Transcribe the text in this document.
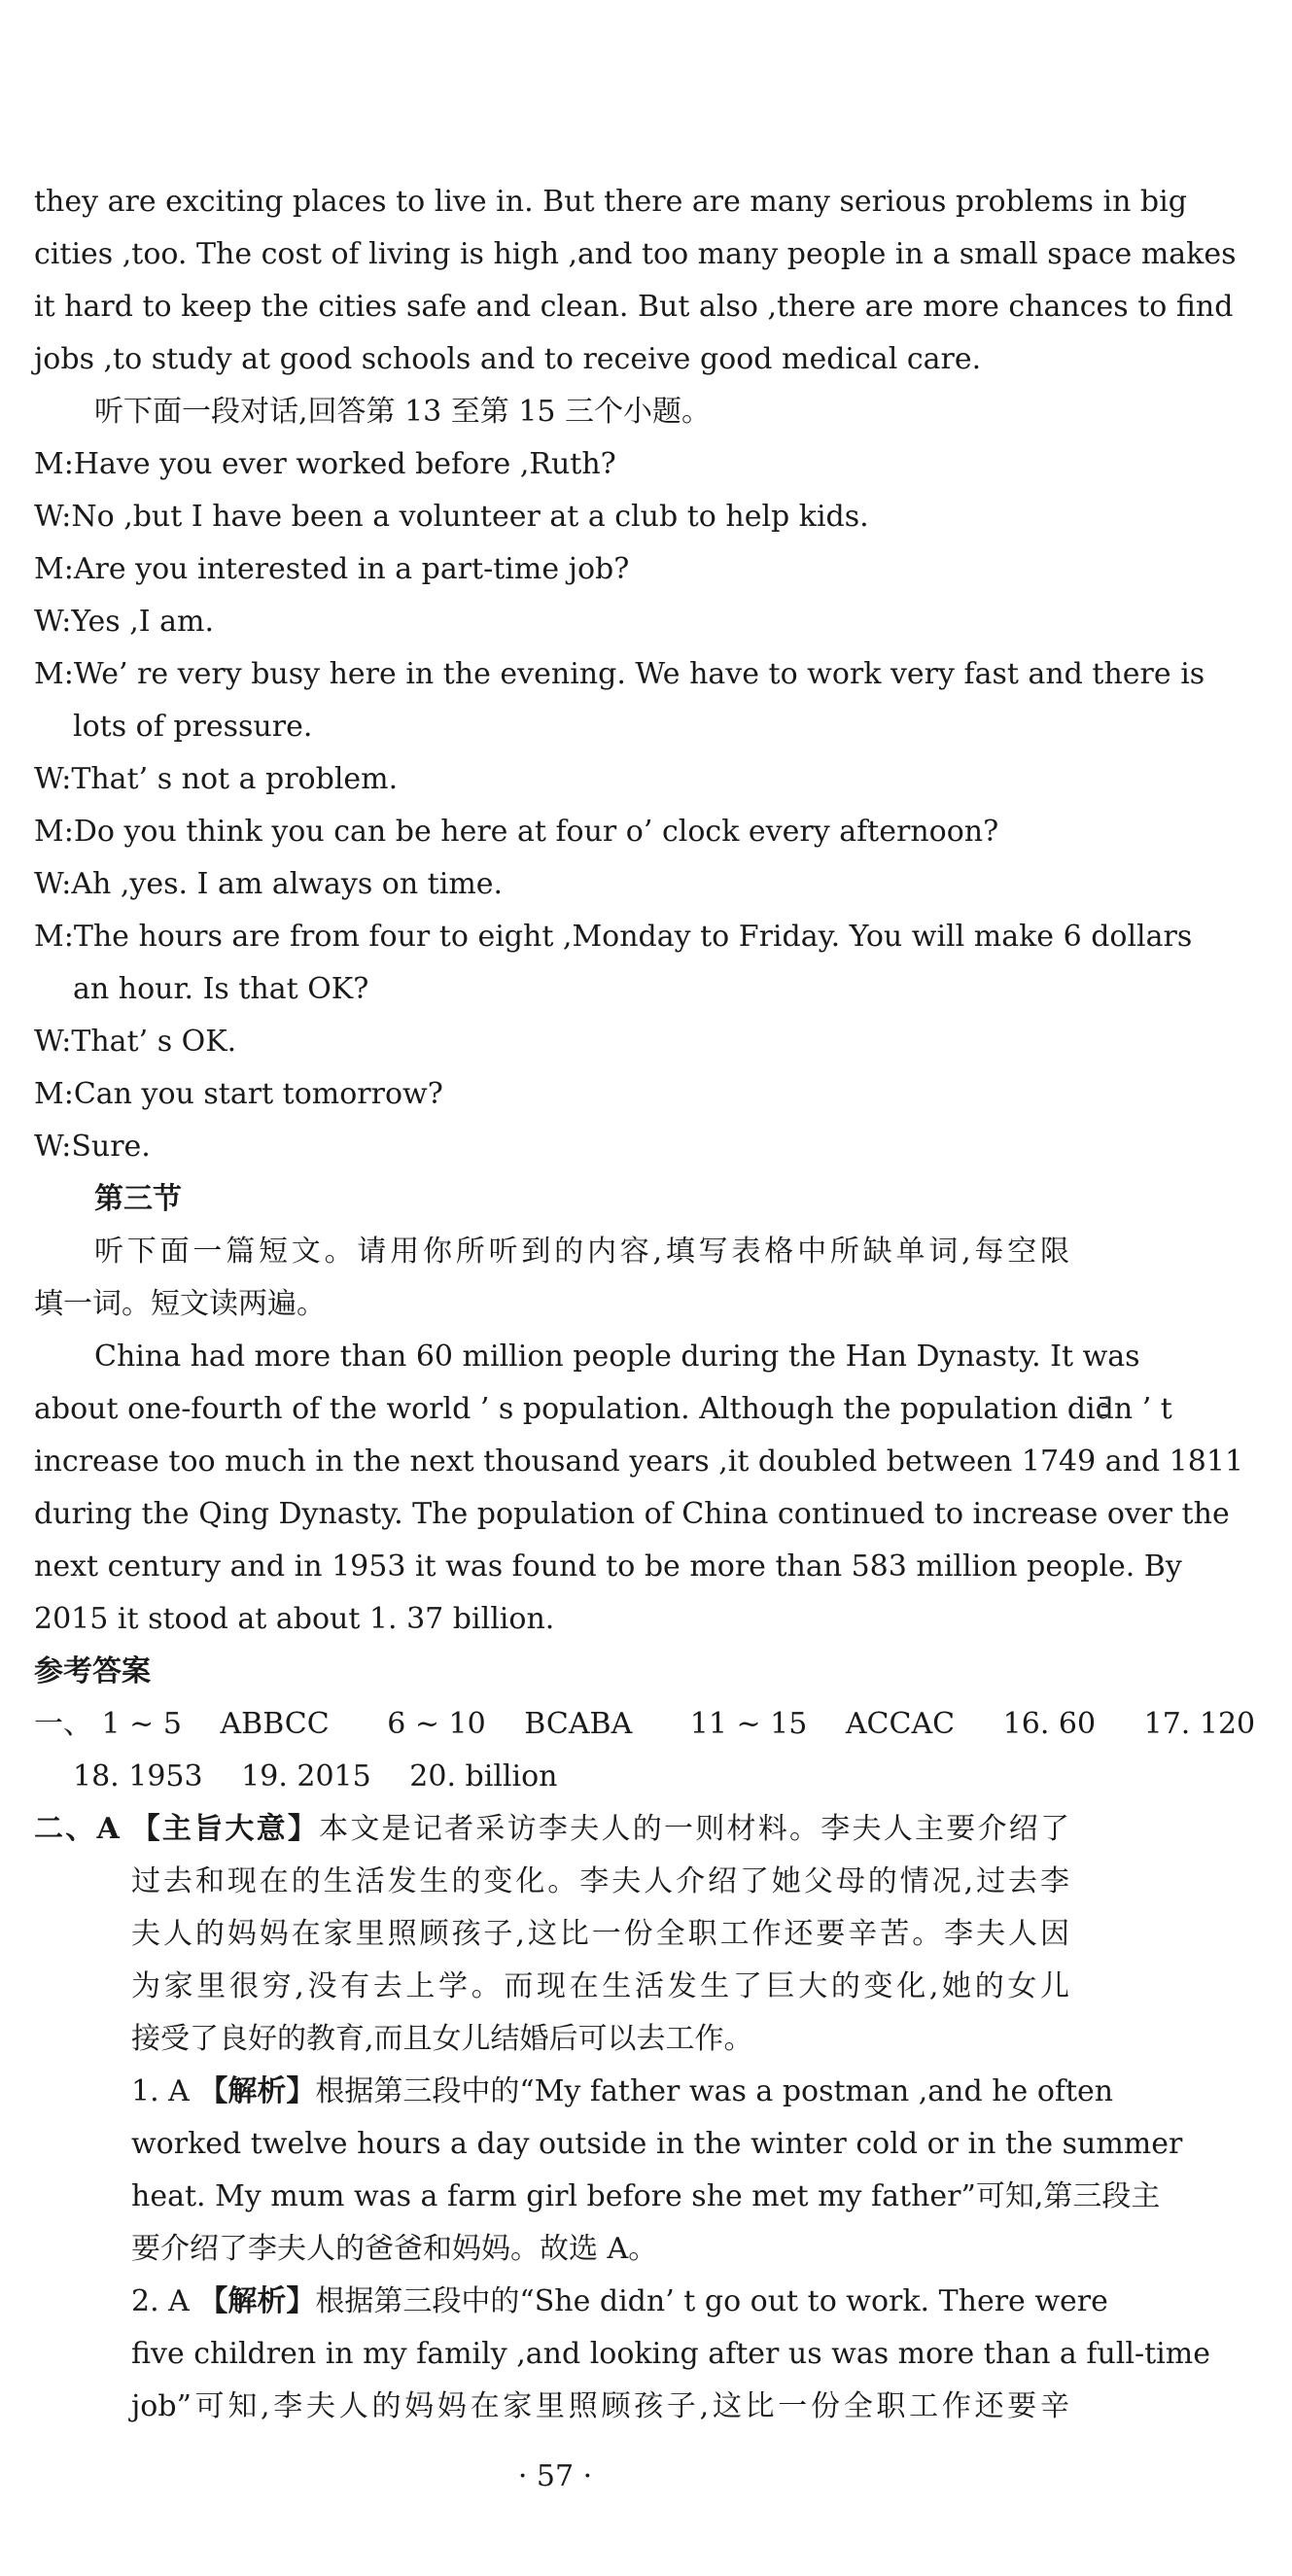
they are exciting places to live in. But there are many serious problems in big
cities ,too. The cost of living is high ,and too many people in a small space makes
it hard to keep the cities safe and clean. But also ,there are more chances to find
jobs ,to study at good schools and to receive good medical care.
听下面一段对话,回答第 13 至第 15 三个小题。
M:Have you ever worked before ,Ruth?
W:No ,but I have been a volunteer at a club to help kids.
M:Are you interested in a part-time job?
W:Yes ,I am.
M:We’ re very busy here in the evening. We have to work very fast and there is
lots of pressure.
W:That’ s not a problem.
M:Do you think you can be here at four o’ clock every afternoon?
W:Ah ,yes. I am always on time.
M:The hours are from four to eight ,Monday to Friday. You will make 6 dollars
an hour. Is that OK?
W:That’ s OK.
M:Can you start tomorrow?
W:Sure.
第三节
听下面一篇短文。请用你所听到的内容,填写表格中所缺单词,每空限
填一词。短文读两遍。
China had more than 60 million people during the Han Dynasty. It was
about one-fourth of the world ’ s population. Although the population didn ’ t
increase too much in the next thousand years ,it doubled between 1749 and 1811
during the Qing Dynasty. The population of China continued to increase over the
next century and in 1953 it was found to be more than 583 million people. By
2015 it stood at about 1. 37 billion.
参考答案
一、 1 ~ 5 ABBCC 6 ~ 10 BCABA 11 ~ 15 ACCAC 16. 60 17. 120
18. 1953 19. 2015 20. billion
二、A 【主旨大意】本文是记者采访李夫人的一则材料。李夫人主要介绍了
过去和现在的生活发生的变化。李夫人介绍了她父母的情况,过去李
夫人的妈妈在家里照顾孩子,这比一份全职工作还要辛苦。李夫人因
为家里很穷,没有去上学。而现在生活发生了巨大的变化,她的女儿
接受了良好的教育,而且女儿结婚后可以去工作。
1. A 【解析】根据第三段中的“My father was a postman ,and he often
worked twelve hours a day outside in the winter cold or in the summer
heat. My mum was a farm girl before she met my father”可知,第三段主
要介绍了李夫人的爸爸和妈妈。故选 A。
2. A 【解析】根据第三段中的“She didn’ t go out to work. There were
five children in my family ,and looking after us was more than a full-time
job”可知,李夫人的妈妈在家里照顾孩子,这比一份全职工作还要辛
· 57 ·
